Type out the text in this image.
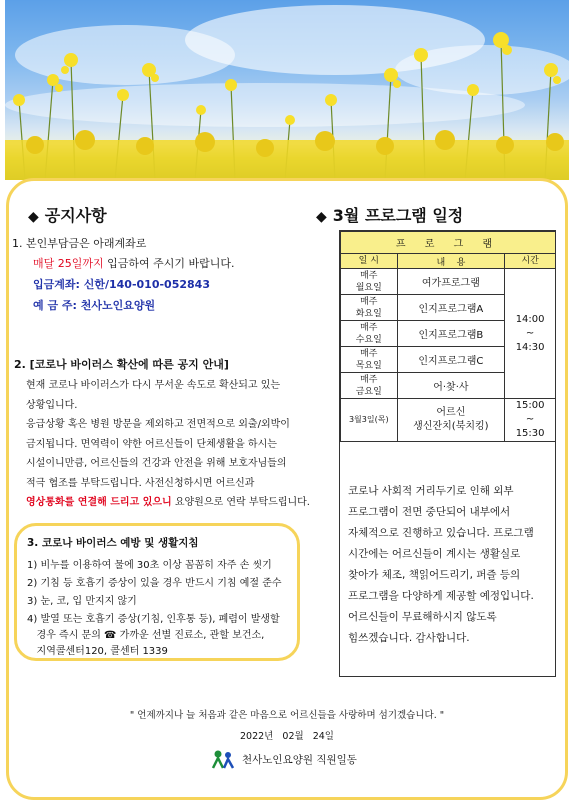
◆ 공지사항
1. 본인부담금은 아래계좌로
매달 25일까지 입금하여 주시기 바랍니다.
입금계좌: 신한/140-010-052843
예 금 주: 천사노인요양원
2. [코로나 바이러스 확산에 따른 공지 안내]
현재 코로나 바이러스가 다시 무서운 속도로 확산되고 있는
상황입니다.
응급상황 혹은 병원 방문을 제외하고 전면적으로 외출/외박이
금지됩니다. 면역력이 약한 어르신들이 단체생활을 하시는
시설이니만큼, 어르신들의 건강과 안전을 위해 보호자님들의
적극 협조를 부탁드립니다. 사전신청하시면 어르신과
영상통화를 연결해 드리고 있으니 요양원으로 연락 부탁드립니다.
3. 코로나 바이러스 예방 및 생활지침
1) 비누를 이용하여 물에 30초 이상 꼼꼼히 자주 손 씻기
2) 기침 등 호흡기 증상이 있을 경우 반드시 기침 예절 준수
3) 눈, 코, 입 만지지 않기
4) 발열 또는 호흡기 증상(기침, 인후통 등), 폐렴이 발생할
경우 즉시 문의 ☎ 가까운 선별 진료소, 관할 보건소,
지역콜센터120, 콜센터 1339
◆ 3월 프로그램 일정
프 로 그 램		
일 시	내    용	시간
매주
월요일	여가프로그램	14:00
~
14:30
매주
화요일	인지프로그램A	
매주
수요일	인지프로그램B	
매주
목요일	인지프로그램C	
매주
금요일	어·찾·사	
3월3일(목)	어르신
생신잔치(북치킹)	15:00
~
15:30
코로나 사회적 거리두기로 인해 외부 프로그램이 전면 중단되어 내부에서 자체적으로 진행하고 있습니다. 프로그램 시간에는 어르신들이 계시는 생활실로 찾아가 체조, 책읽어드리기, 퍼즐 등의 프로그램을 다양하게 제공할 예정입니다. 어르신들이 무료해하시지 않도록 힘쓰겠습니다. 감사합니다.
" 언제까지나 늘 처음과 같은 마음으로 어르신들을 사랑하며 섬기겠습니다. "
2022년   02월   24일
천사노인요양원 직원일동
